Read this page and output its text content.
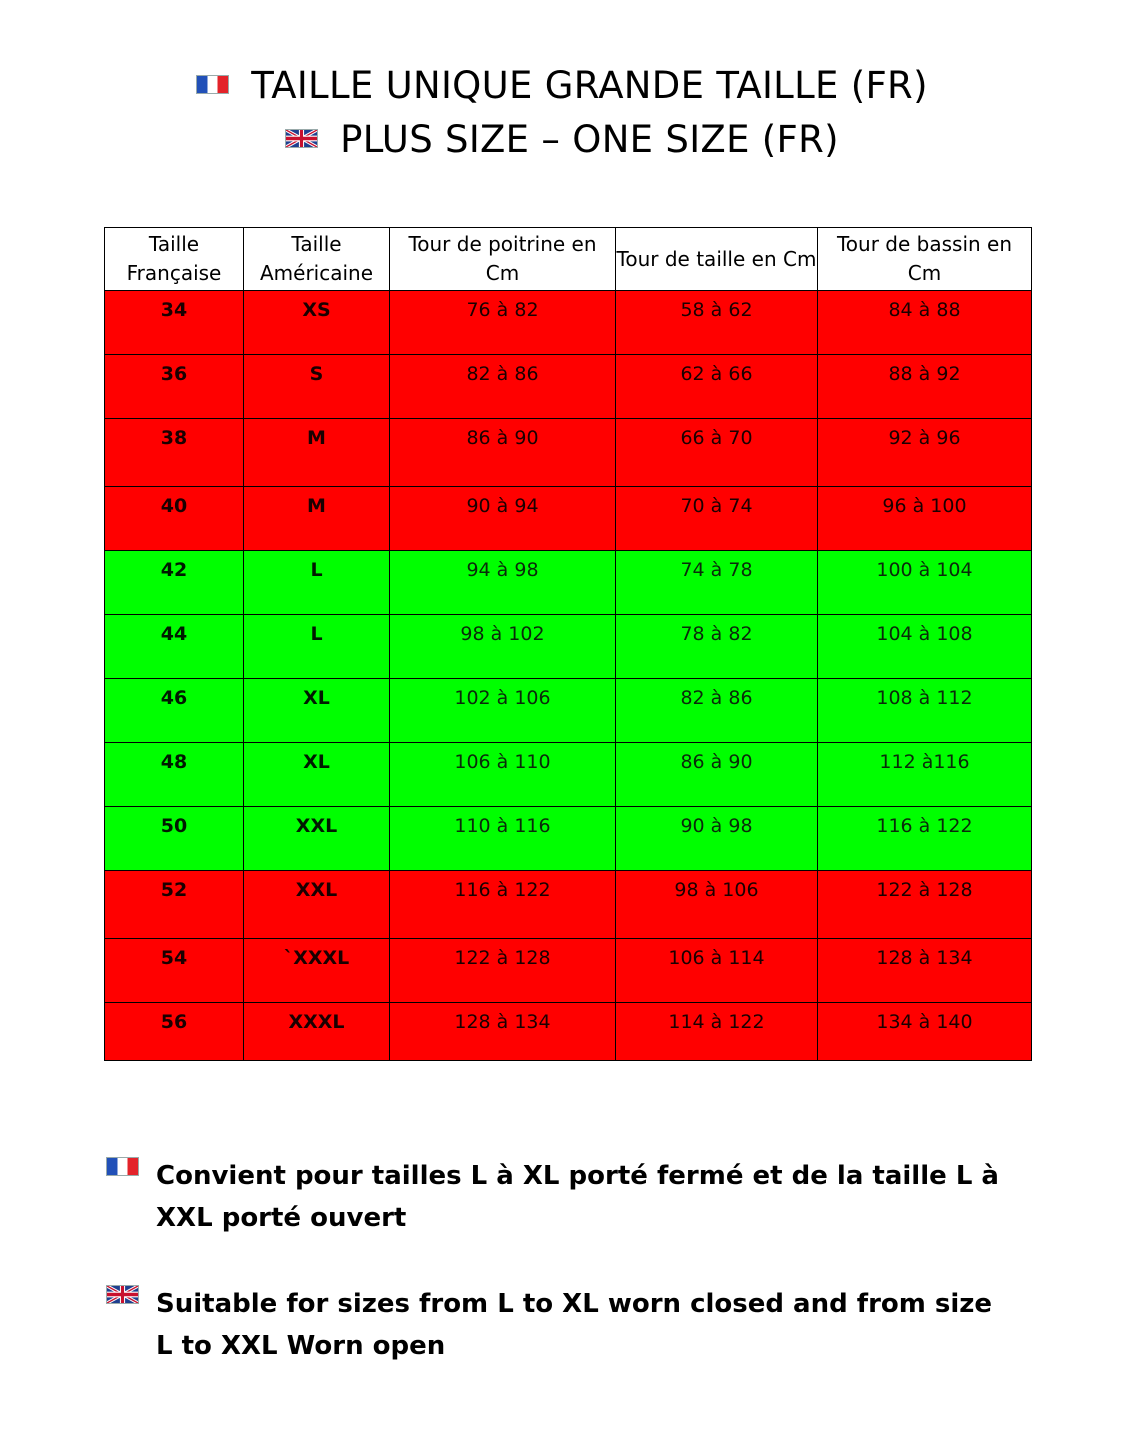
TAILLE UNIQUE GRANDE TAILLE (FR)
PLUS SIZE – ONE SIZE (FR)
Taille Française	Taille Américaine	Tour de poitrine en Cm	Tour de taille en Cm	Tour de bassin en Cm
34	XS	76 à 82	58 à 62	84 à 88
36	S	82 à 86	62 à 66	88 à 92
38	M	86 à 90	66 à 70	92 à 96
40	M	90 à 94	70 à 74	96 à 100
42	L	94 à 98	74 à 78	100 à 104
44	L	98 à 102	78 à 82	104 à 108
46	XL	102 à 106	82 à 86	108 à 112
48	XL	106 à 110	86 à 90	112 à116
50	XXL	110 à 116	90 à 98	116 à 122
52	XXL	116 à 122	98 à 106	122 à 128
54	`XXXL	122 à 128	106 à 114	128 à 134
56	XXXL	128 à 134	114 à 122	134 à 140
Convient pour tailles L à XL porté fermé et de la taille L à XXL porté ouvert
Suitable for sizes from L to XL worn closed and from size L to XXL Worn open
